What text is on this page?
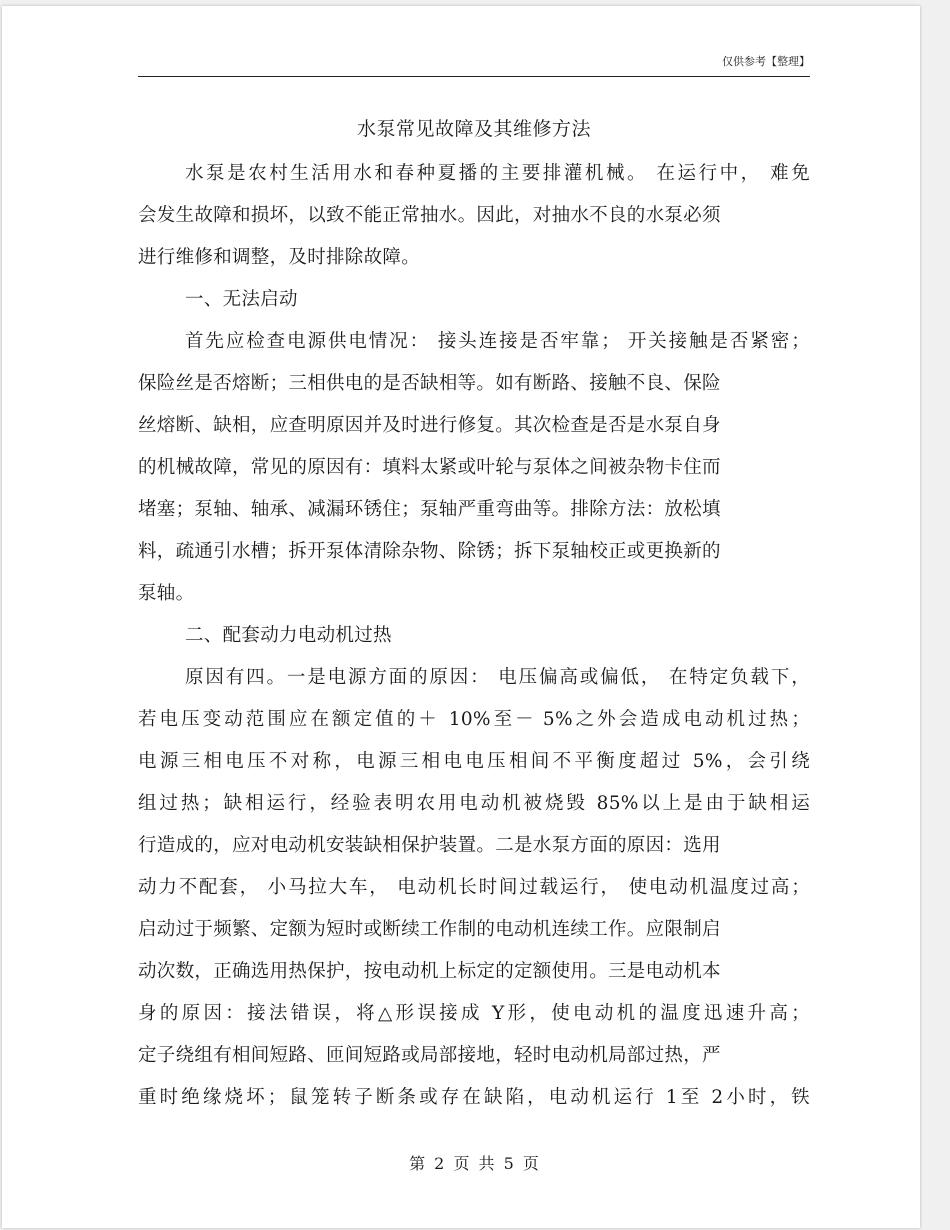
仅供参考【整理】
水泵常见故障及其维修方法
水泵是农村生活用水和春种夏播的主要排灌机械。 在运行中， 难免
会发生故障和损坏，以致不能正常抽水。因此，对抽水不良的水泵必须
进行维修和调整，及时排除故障。
一、无法启动
首先应检查电源供电情况： 接头连接是否牢靠； 开关接触是否紧密；
保险丝是否熔断；三相供电的是否缺相等。如有断路、接触不良、保险
丝熔断、缺相，应查明原因并及时进行修复。其次检查是否是水泵自身
的机械故障，常见的原因有：填料太紧或叶轮与泵体之间被杂物卡住而
堵塞；泵轴、轴承、减漏环锈住；泵轴严重弯曲等。排除方法：放松填
料，疏通引水槽；拆开泵体清除杂物、除锈；拆下泵轴校正或更换新的
泵轴。
二、配套动力电动机过热
原因有四。一是电源方面的原因： 电压偏高或偏低， 在特定负载下，
若电压变动范围应在额定值的＋ 10%至－ 5%之外会造成电动机过热；
电源三相电压不对称，电源三相电电压相间不平衡度超过 5%，会引绕
组过热；缺相运行，经验表明农用电动机被烧毁 85%以上是由于缺相运
行造成的，应对电动机安装缺相保护装置。二是水泵方面的原因：选用
动力不配套， 小马拉大车， 电动机长时间过载运行， 使电动机温度过高；
启动过于频繁、定额为短时或断续工作制的电动机连续工作。应限制启
动次数，正确选用热保护，按电动机上标定的定额使用。三是电动机本
身的原因：接法错误，将△形误接成 Y形，使电动机的温度迅速升高；
定子绕组有相间短路、匝间短路或局部接地，轻时电动机局部过热，严
重时绝缘烧坏；鼠笼转子断条或存在缺陷，电动机运行 1至 2小时，铁
第 2 页 共 5 页
